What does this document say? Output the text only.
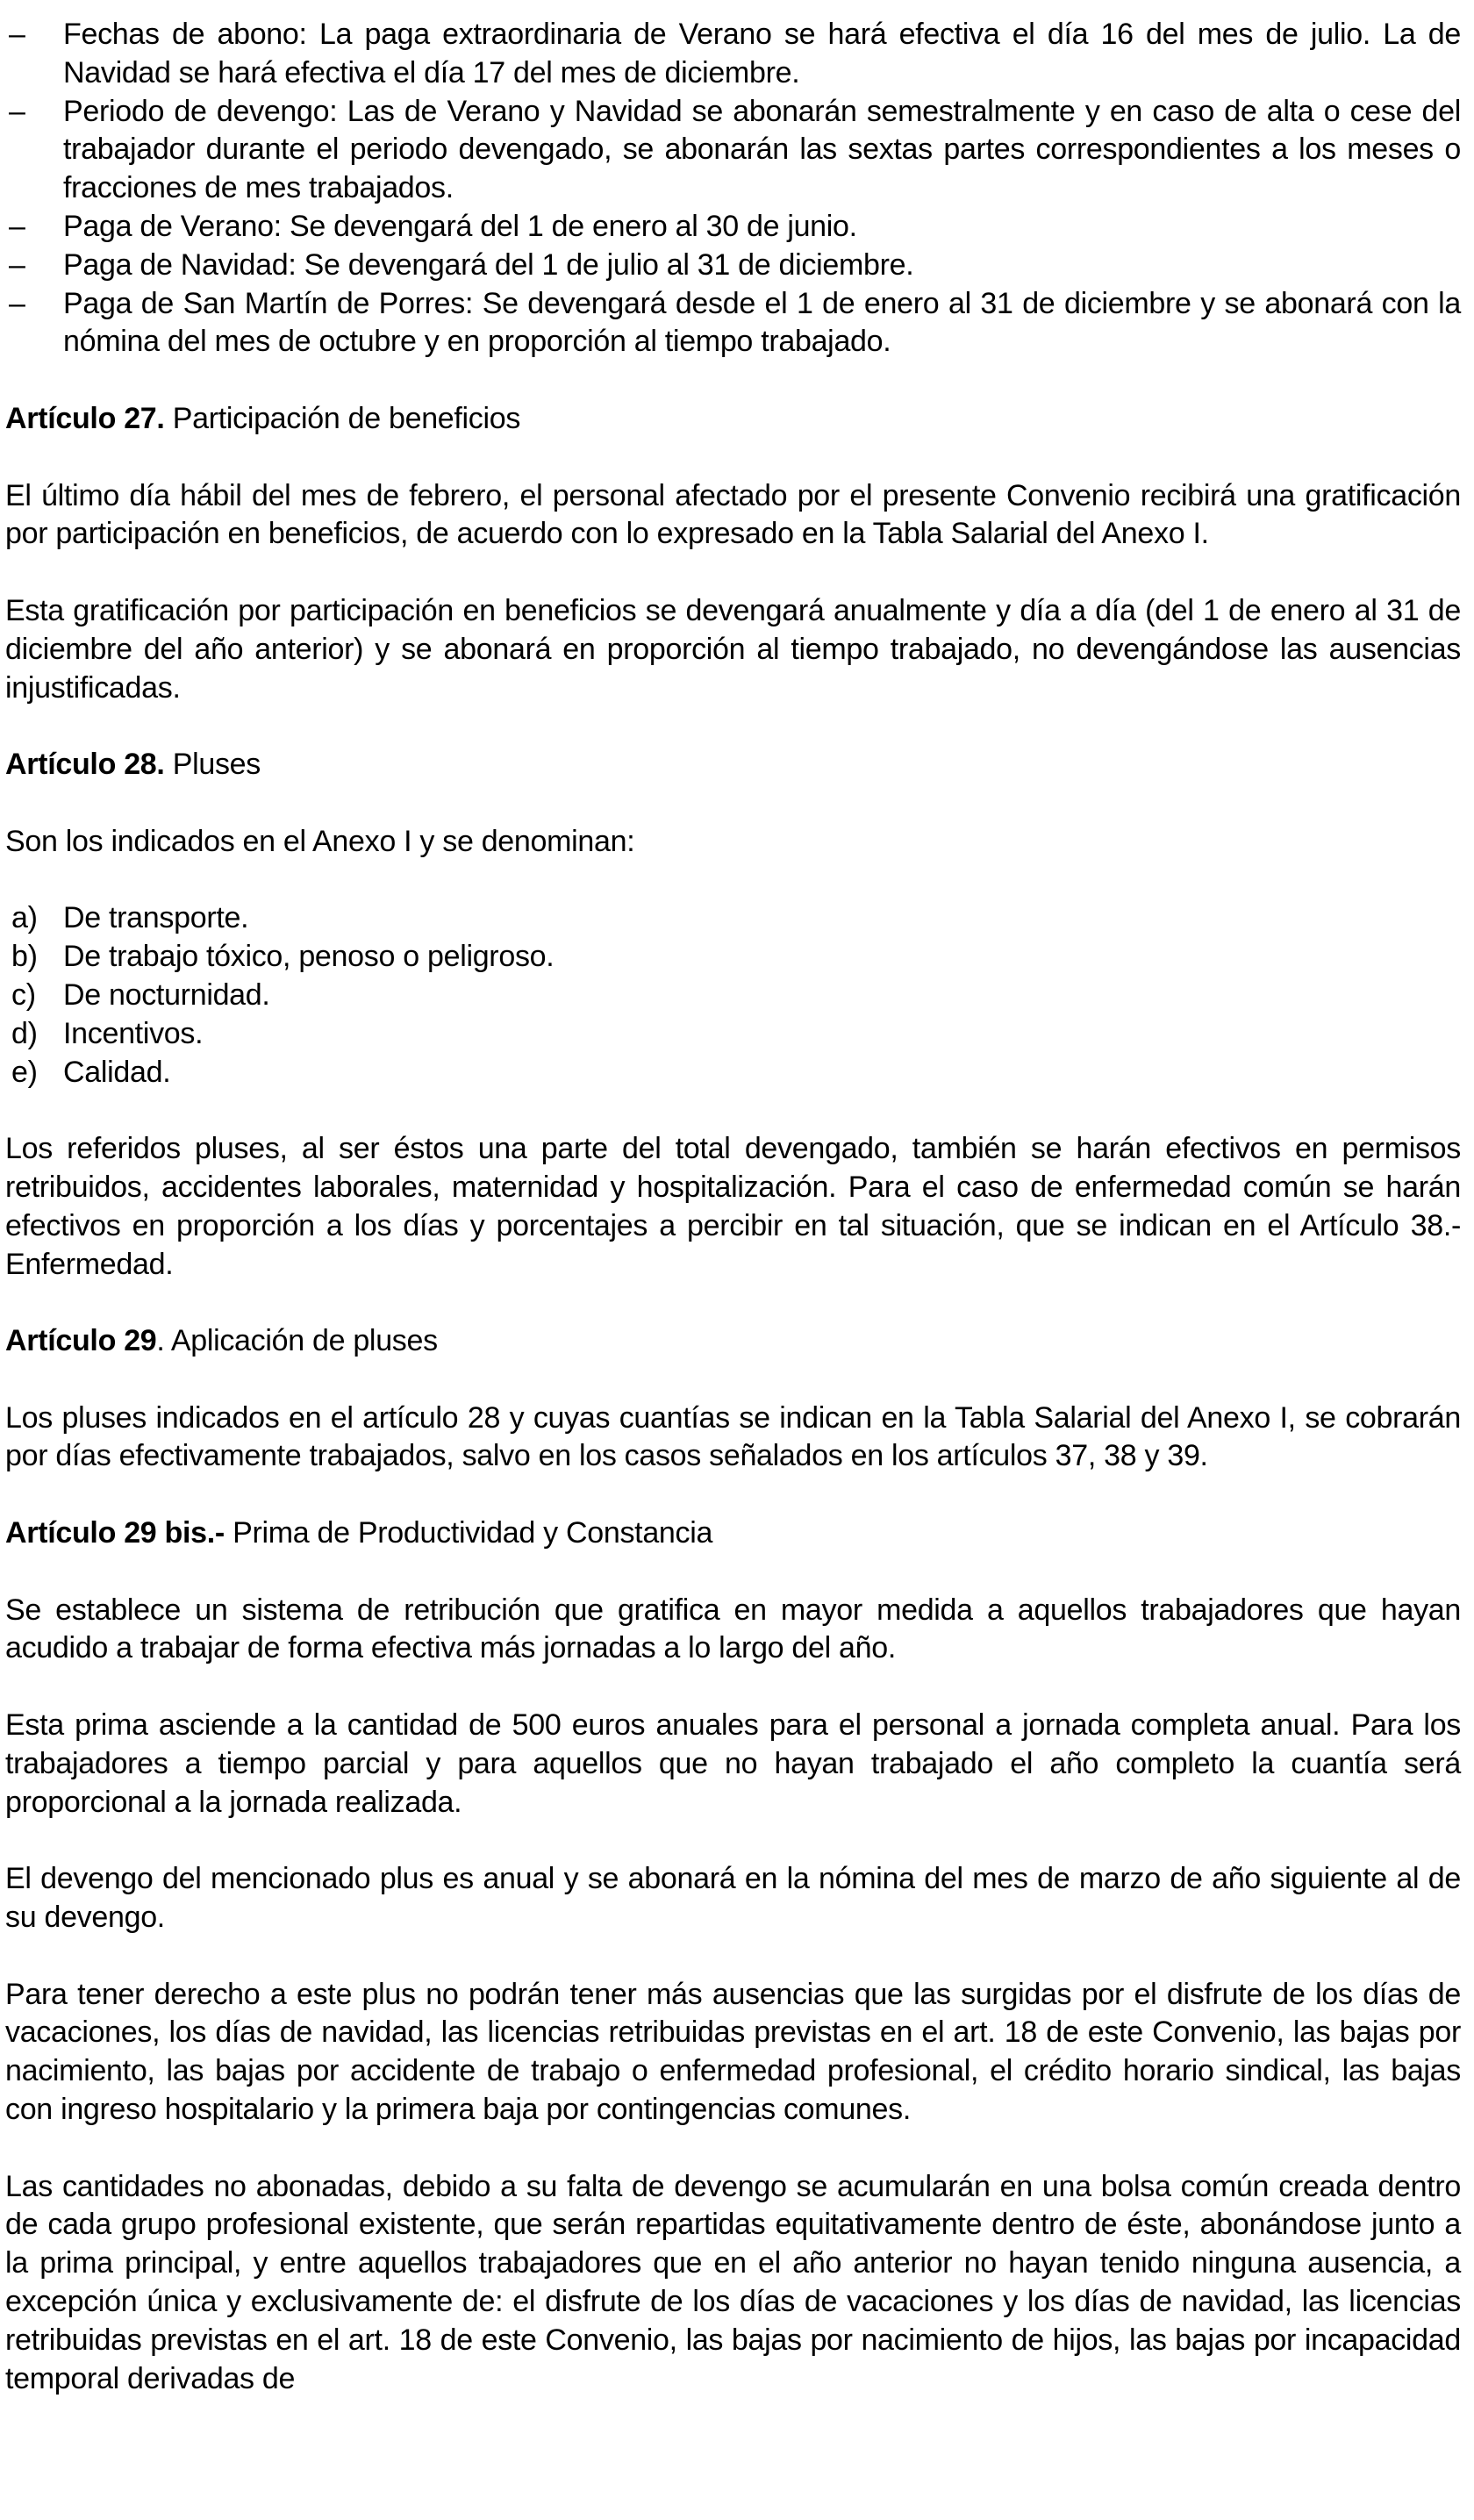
– Fechas de abono: La paga extraordinaria de Verano se hará efectiva el día 16 del mes de julio. La de Navidad se hará efectiva el día 17 del mes de diciembre.
– Periodo de devengo: Las de Verano y Navidad se abonarán semestralmente y en caso de alta o cese del trabajador durante el periodo devengado, se abonarán las sextas partes correspondientes a los meses o fracciones de mes trabajados.
– Paga de Verano: Se devengará del 1 de enero al 30 de junio.
– Paga de Navidad: Se devengará del 1 de julio al 31 de diciembre.
– Paga de San Martín de Porres: Se devengará desde el 1 de enero al 31 de diciembre y se abonará con la nómina del mes de octubre y en proporción al tiempo trabajado.
Artículo 27. Participación de beneficios

El último día hábil del mes de febrero, el personal afectado por el presente Convenio recibirá una gratificación por participación en beneficios, de acuerdo con lo expresado en la Tabla Salarial del Anexo I.

Esta gratificación por participación en beneficios se devengará anualmente y día a día (del 1 de enero al 31 de diciembre del año anterior) y se abonará en proporción al tiempo trabajado, no devengándose las ausencias injustificadas.

Artículo 28. Pluses

Son los indicados en el Anexo I y se denominan:

a) De transporte.
b) De trabajo tóxico, penoso o peligroso.
c) De nocturnidad.
d) Incentivos.
e) Calidad.

Los referidos pluses, al ser éstos una parte del total devengado, también se harán efectivos en permisos retribuidos, accidentes laborales, maternidad y hospitalización. Para el caso de enfermedad común se harán efectivos en proporción a los días y porcentajes a percibir en tal situación, que se indican en el Artículo 38.- Enfermedad.

Artículo 29. Aplicación de pluses

Los pluses indicados en el artículo 28 y cuyas cuantías se indican en la Tabla Salarial del Anexo I, se cobrarán por días efectivamente trabajados, salvo en los casos señalados en los artículos 37, 38 y 39.

Artículo 29 bis.- Prima de Productividad y Constancia

Se establece un sistema de retribución que gratifica en mayor medida a aquellos trabajadores que hayan acudido a trabajar de forma efectiva más jornadas a lo largo del año.

Esta prima asciende a la cantidad de 500 euros anuales para el personal a jornada completa anual. Para los trabajadores a tiempo parcial y para aquellos que no hayan trabajado el año completo la cuantía será proporcional a la jornada realizada.

El devengo del mencionado plus es anual y se abonará en la nómina del mes de marzo de año siguiente al de su devengo.

Para tener derecho a este plus no podrán tener más ausencias que las surgidas por el disfrute de los días de vacaciones, los días de navidad, las licencias retribuidas previstas en el art. 18 de este Convenio, las bajas por nacimiento, las bajas por accidente de trabajo o enfermedad profesional, el crédito horario sindical, las bajas con ingreso hospitalario y la primera baja por contingencias comunes.

Las cantidades no abonadas, debido a su falta de devengo se acumularán en una bolsa común creada dentro de cada grupo profesional existente, que serán repartidas equitativamente dentro de éste, abonándose junto a la prima principal, y entre aquellos trabajadores que en el año anterior no hayan tenido ninguna ausencia, a excepción única y exclusivamente de: el disfrute de los días de vacaciones y los días de navidad, las licencias retribuidas previstas en el art. 18 de este Convenio, las bajas por nacimiento de hijos, las bajas por incapacidad temporal derivadas de
